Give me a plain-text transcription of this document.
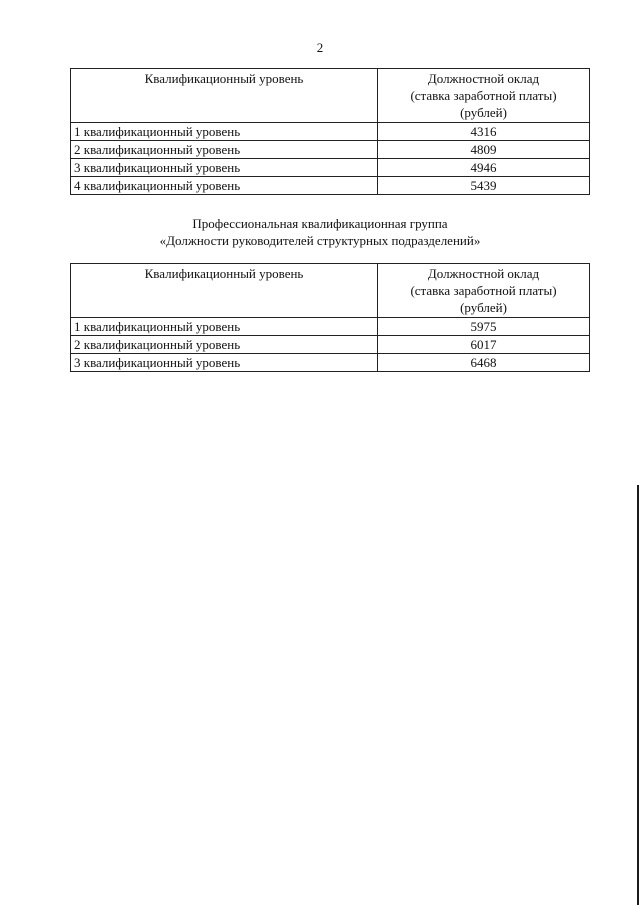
2
Квалификационный уровень	Должностной оклад
(ставка заработной платы)
(рублей)

1 квалификационный уровень	4316
2 квалификационный уровень	4809
3 квалификационный уровень	4946
4 квалификационный уровень	5439
Профессиональная квалификационная группа
«Должности руководителей структурных подразделений»
Квалификационный уровень	Должностной оклад
(ставка заработной платы)
(рублей)

1 квалификационный уровень	5975
2 квалификационный уровень	6017
3 квалификационный уровень	6468
